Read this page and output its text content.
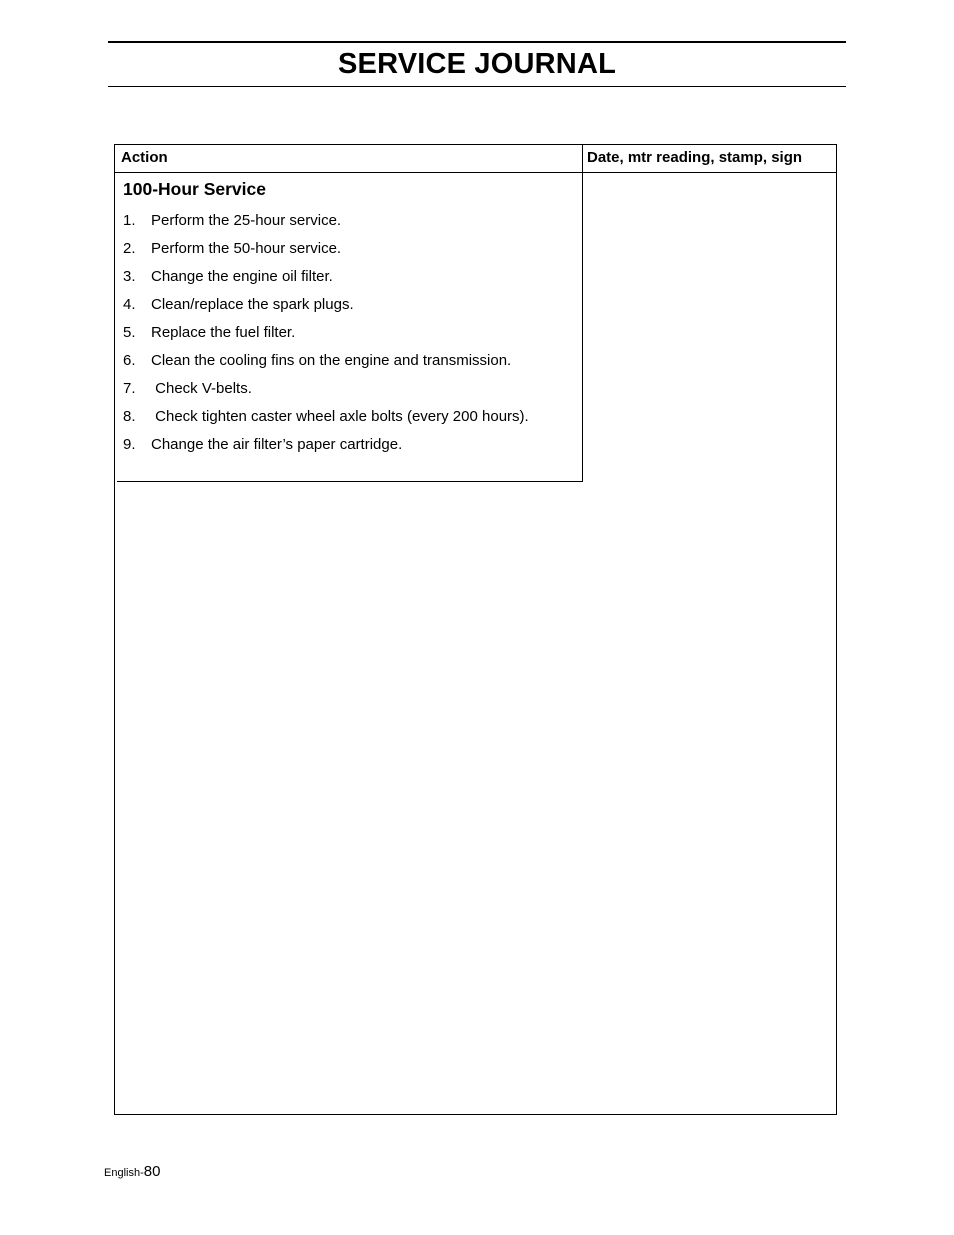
SERVICE JOURNAL
Action	Date, mtr reading, stamp, sign
100-Hour Service
1. Perform the 25-hour service.
2. Perform the 50-hour service.
3. Change the engine oil filter.
4. Clean/replace the spark plugs.
5. Replace the fuel filter.
6. Clean the cooling fins on the engine and transmission.
7. Check V-belts.
8. Check tighten caster wheel axle bolts (every 200 hours).
9. Change the air filter’s paper cartridge.
English-80
